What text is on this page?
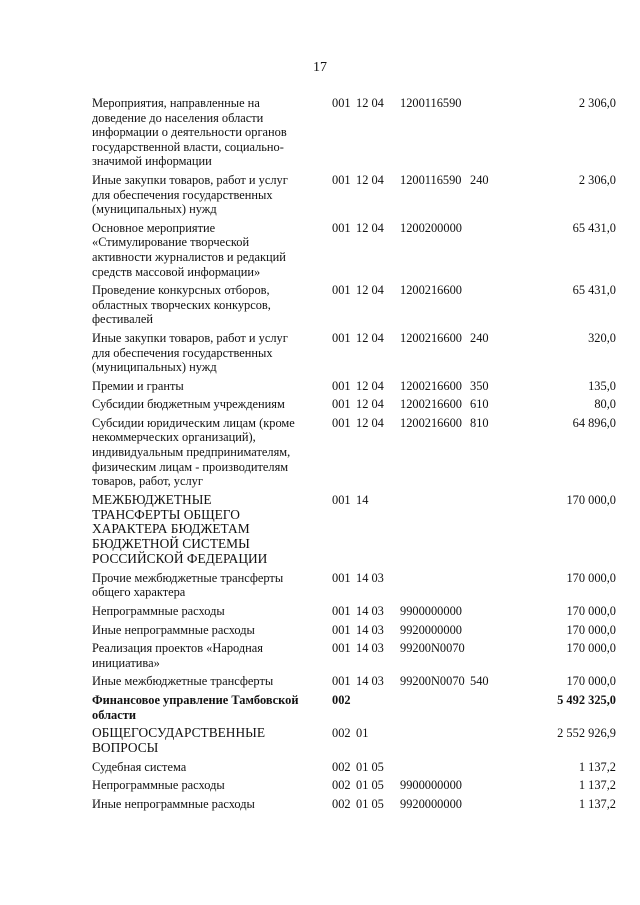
17
Мероприятия, направленные на доведение до населения области информации о деятельности органов государственной власти, социально-значимой информации	001	12 04	1200116590		2 306,0
Иные закупки товаров, работ и услуг для обеспечения государственных (муниципальных) нужд	001	12 04	1200116590	240	2 306,0
Основное мероприятие «Стимулирование творческой активности журналистов и редакций средств массовой информации»	001	12 04	1200200000		65 431,0
Проведение конкурсных отборов, областных творческих конкурсов, фестивалей	001	12 04	1200216600		65 431,0
Иные закупки товаров, работ и услуг для обеспечения государственных (муниципальных) нужд	001	12 04	1200216600	240	320,0
Премии и гранты	001	12 04	1200216600	350	135,0
Субсидии бюджетным учреждениям	001	12 04	1200216600	610	80,0
Субсидии юридическим лицам (кроме некоммерческих организаций), индивидуальным предпринимателям, физическим лицам - производителям товаров, работ, услуг	001	12 04	1200216600	810	64 896,0
МЕЖБЮДЖЕТНЫЕ ТРАНСФЕРТЫ ОБЩЕГО ХАРАКТЕРА БЮДЖЕТАМ БЮДЖЕТНОЙ СИСТЕМЫ РОССИЙСКОЙ ФЕДЕРАЦИИ	001	14			170 000,0
Прочие межбюджетные трансферты общего характера	001	14 03			170 000,0
Непрограммные расходы	001	14 03	9900000000		170 000,0
Иные непрограммные расходы	001	14 03	9920000000		170 000,0
Реализация проектов «Народная инициатива»	001	14 03	99200N0070		170 000,0
Иные межбюджетные трансферты	001	14 03	99200N0070	540	170 000,0
Финансовое управление Тамбовской области	002				5 492 325,0
ОБЩЕГОСУДАРСТВЕННЫЕ ВОПРОСЫ	002	01			2 552 926,9
Судебная система	002	01 05			1 137,2
Непрограммные расходы	002	01 05	9900000000		1 137,2
Иные непрограммные расходы	002	01 05	9920000000		1 137,2
